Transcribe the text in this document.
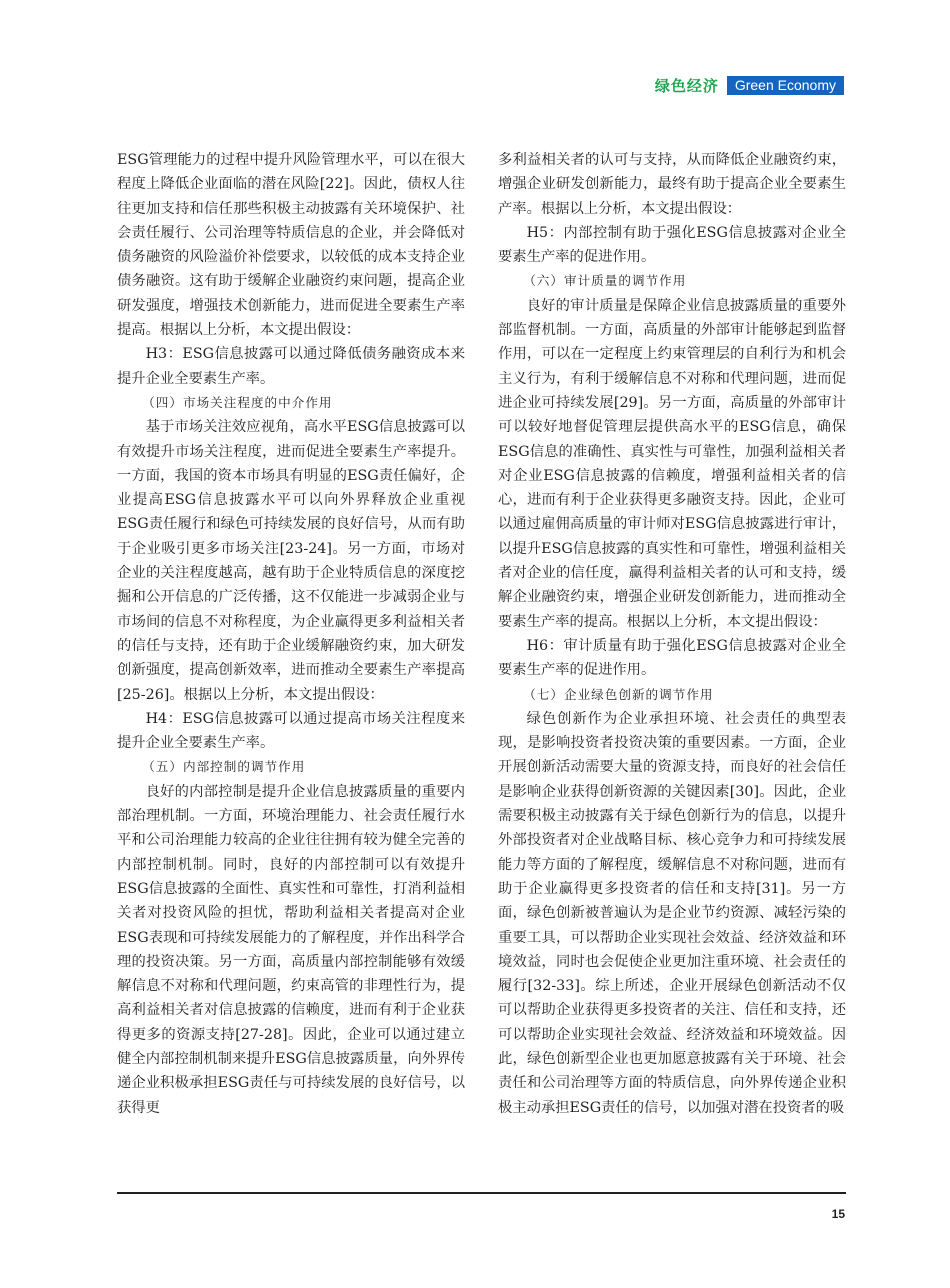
绿色经济	Green Economy

ESG管理能力的过程中提升风险管理水平，可以在很大程度上降低企业面临的潜在风险[22]。因此，债权人往往更加支持和信任那些积极主动披露有关环境保护、社会责任履行、公司治理等特质信息的企业，并会降低对债务融资的风险溢价补偿要求，以较低的成本支持企业债务融资。这有助于缓解企业融资约束问题，提高企业研发强度，增强技术创新能力，进而促进全要素生产率提高。根据以上分析，本文提出假设：

H3：ESG信息披露可以通过降低债务融资成本来提升企业全要素生产率。

（四）市场关注程度的中介作用

基于市场关注效应视角，高水平ESG信息披露可以有效提升市场关注程度，进而促进全要素生产率提升。一方面，我国的资本市场具有明显的ESG责任偏好，企业提高ESG信息披露水平可以向外界释放企业重视ESG责任履行和绿色可持续发展的良好信号，从而有助于企业吸引更多市场关注[23-24]。另一方面，市场对企业的关注程度越高，越有助于企业特质信息的深度挖掘和公开信息的广泛传播，这不仅能进一步减弱企业与市场间的信息不对称程度，为企业赢得更多利益相关者的信任与支持，还有助于企业缓解融资约束，加大研发创新强度，提高创新效率，进而推动全要素生产率提高[25-26]。根据以上分析，本文提出假设：

H4：ESG信息披露可以通过提高市场关注程度来提升企业全要素生产率。

（五）内部控制的调节作用

良好的内部控制是提升企业信息披露质量的重要内部治理机制。一方面，环境治理能力、社会责任履行水平和公司治理能力较高的企业往往拥有较为健全完善的内部控制机制。同时，良好的内部控制可以有效提升ESG信息披露的全面性、真实性和可靠性，打消利益相关者对投资风险的担忧，帮助利益相关者提高对企业ESG表现和可持续发展能力的了解程度，并作出科学合理的投资决策。另一方面，高质量内部控制能够有效缓解信息不对称和代理问题，约束高管的非理性行为，提高利益相关者对信息披露的信赖度，进而有利于企业获得更多的资源支持[27-28]。因此，企业可以通过建立健全内部控制机制来提升ESG信息披露质量，向外界传递企业积极承担ESG责任与可持续发展的良好信号，以获得更

多利益相关者的认可与支持，从而降低企业融资约束，增强企业研发创新能力，最终有助于提高企业全要素生产率。根据以上分析，本文提出假设：

H5：内部控制有助于强化ESG信息披露对企业全要素生产率的促进作用。

（六）审计质量的调节作用

良好的审计质量是保障企业信息披露质量的重要外部监督机制。一方面，高质量的外部审计能够起到监督作用，可以在一定程度上约束管理层的自利行为和机会主义行为，有利于缓解信息不对称和代理问题，进而促进企业可持续发展[29]。另一方面，高质量的外部审计可以较好地督促管理层提供高水平的ESG信息，确保ESG信息的准确性、真实性与可靠性，加强利益相关者对企业ESG信息披露的信赖度，增强利益相关者的信心，进而有利于企业获得更多融资支持。因此，企业可以通过雇佣高质量的审计师对ESG信息披露进行审计，以提升ESG信息披露的真实性和可靠性，增强利益相关者对企业的信任度，赢得利益相关者的认可和支持，缓解企业融资约束，增强企业研发创新能力，进而推动全要素生产率的提高。根据以上分析，本文提出假设：

H6：审计质量有助于强化ESG信息披露对企业全要素生产率的促进作用。

（七）企业绿色创新的调节作用

绿色创新作为企业承担环境、社会责任的典型表现，是影响投资者投资决策的重要因素。一方面，企业开展创新活动需要大量的资源支持，而良好的社会信任是影响企业获得创新资源的关键因素[30]。因此，企业需要积极主动披露有关于绿色创新行为的信息，以提升外部投资者对企业战略目标、核心竞争力和可持续发展能力等方面的了解程度，缓解信息不对称问题，进而有助于企业赢得更多投资者的信任和支持[31]。另一方面，绿色创新被普遍认为是企业节约资源、减轻污染的重要工具，可以帮助企业实现社会效益、经济效益和环境效益，同时也会促使企业更加注重环境、社会责任的履行[32-33]。综上所述，企业开展绿色创新活动不仅可以帮助企业获得更多投资者的关注、信任和支持，还可以帮助企业实现社会效益、经济效益和环境效益。因此，绿色创新型企业也更加愿意披露有关于环境、社会责任和公司治理等方面的特质信息，向外界传递企业积极主动承担ESG责任的信号，以加强对潜在投资者的吸

15
